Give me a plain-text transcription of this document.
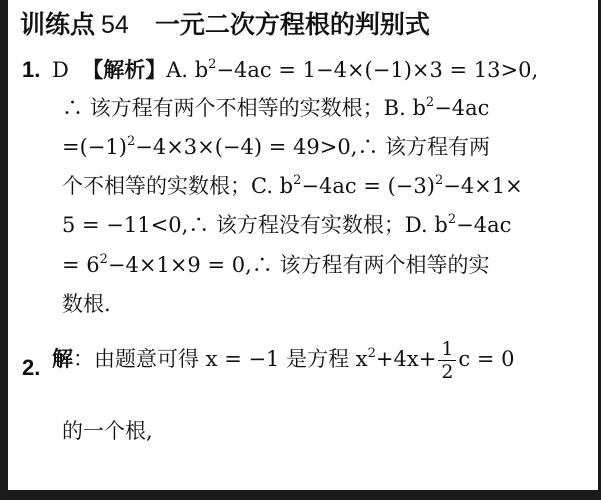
训练点 54 一元二次方程根的判别式
1. D 【解析】A. $b^2-4ac = 1-4\times(-1)\times 3 = 13>0$,
∴ 该方程有两个不相等的实数根；B. $b^2-4ac$
$=(-1)^2-4\times 3\times(-4)$ = 49>0,∴ 该方程有两
个不相等的实数根；C. $b^2-4ac = (-3)^2-4\times 1\times$
5 = −11<0,∴ 该方程没有实数根；D. $b^2-4ac$
= $6^2-4\times 1\times 9$ = 0,∴ 该方程有两个相等的实
数根.
2. 解：由题意可得 x = −1 是方程 $x^2+4x+ \frac{1}{2}$ c = 0
的一个根,
